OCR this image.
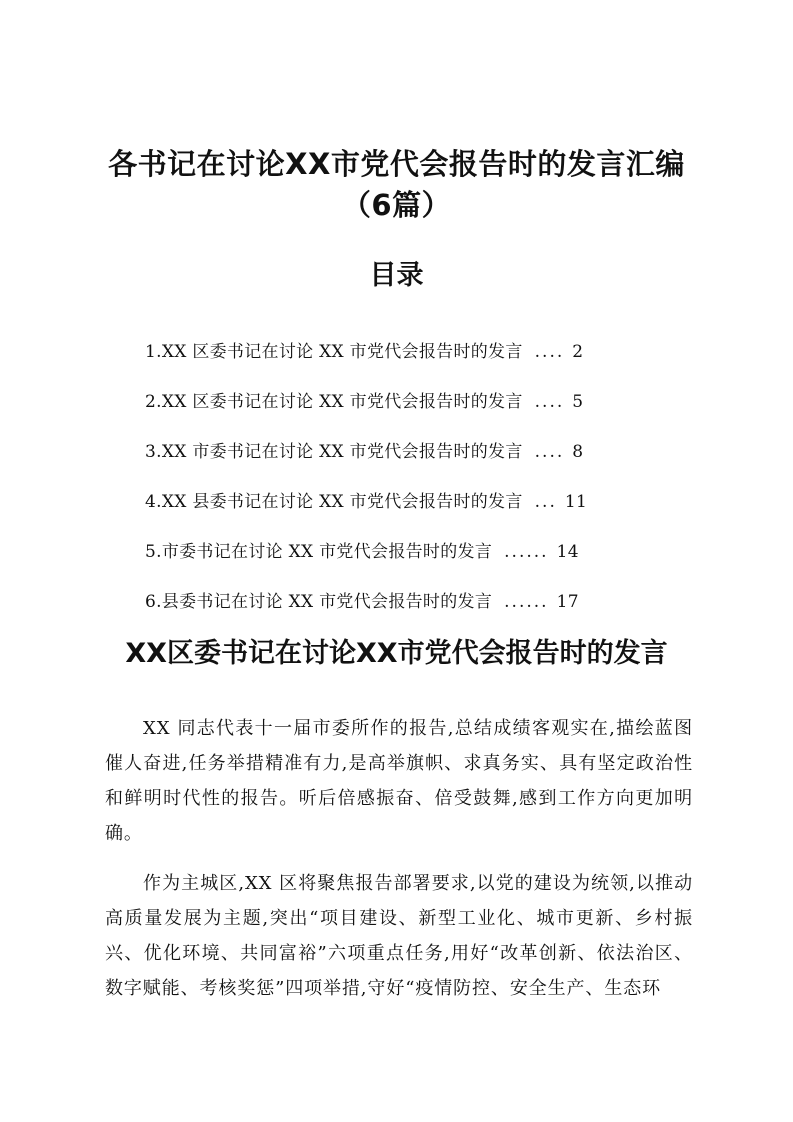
各书记在讨论XX市党代会报告时的发言汇编
（6篇）
目录
1.XX 区委书记在讨论 XX 市党代会报告时的发言 .... 2
2.XX 区委书记在讨论 XX 市党代会报告时的发言 .... 5
3.XX 市委书记在讨论 XX 市党代会报告时的发言 .... 8
4.XX 县委书记在讨论 XX 市党代会报告时的发言 ... 11
5.市委书记在讨论 XX 市党代会报告时的发言 ...... 14
6.县委书记在讨论 XX 市党代会报告时的发言 ...... 17
XX区委书记在讨论XX市党代会报告时的发言

XX 同志代表十一届市委所作的报告,总结成绩客观实在,描绘蓝图催人奋进,任务举措精准有力,是高举旗帜、求真务实、具有坚定政治性和鲜明时代性的报告。听后倍感振奋、倍受鼓舞,感到工作方向更加明确。

作为主城区,XX 区将聚焦报告部署要求,以党的建设为统领,以推动高质量发展为主题,突出“项目建设、新型工业化、城市更新、乡村振兴、优化环境、共同富裕”六项重点任务,用好“改革创新、依法治区、数字赋能、考核奖惩”四项举措,守好“疫情防控、安全生产、生态环
